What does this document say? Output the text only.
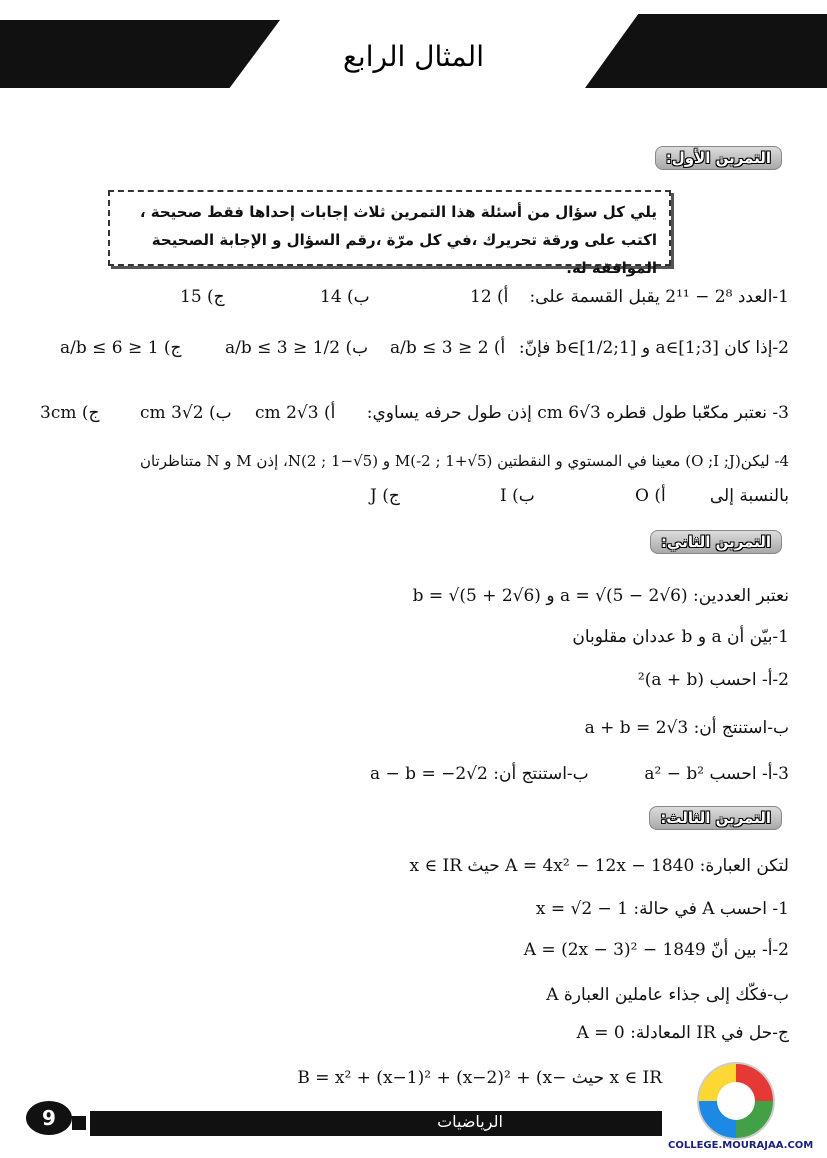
المثال الرابع
التمرين الأول:
يلي كل سؤال من أسئلة هذا التمرين ثلاث إجابات إحداها فقط صحيحة ،
اكتب على ورقة تحريرك ،في كل مرّة ،رقم السؤال و الإجابة الصحيحة الموافقة له.
1-العدد 2⁸ − 2¹¹ يقبل القسمة على:
أ) 12
ب) 14
ج) 15
2-إذا كان a∈[1;3] و b∈[1/2;1] فإنّ:
أ) 2 ≤ a/b ≤ 3
ب) 1/2 ≤ a/b ≤ 3
ج) 1 ≤ a/b ≤ 6
3- نعتبر مكعّبا طول قطره 3√6 cm إذن طول حرفه يساوي:
أ) 3√2 cm
ب) 2√3 cm
ج) 3cm
4- ليكن(O ;I ;J) معينا في المستوي و النقطتين M(-2 ; 1+√5) و N(2 ; 1−√5)، إذن M و N متناظرتان
بالنسبة إلى
أ) O
ب) I
ج) J
التمرين الثاني:
نعتبر العددين: a = √(5 − 2√6) و b = √(5 + 2√6)
1-بيّن أن a و b عددان مقلوبان
2-أ- احسب (a + b)²
ب-استنتج أن: a + b = 2√3
3-أ- احسب a² − b²
ب-استنتج أن: a − b = −2√2
التمرين الثالث:
لتكن العبارة: A = 4x² − 12x − 1840 حيث x ∈ IR
1- احسب A في حالة: x = √2 − 1
2-أ- بين أنّ A = (2x − 3)² − 1849
ب-فكّك إلى جذاء عاملين العبارة A
ج-حل في IR المعادلة: A = 0
B = x² + (x−1)² + (x−2)² + (x− حيث x ∈ IR
9	الرياضيات
COLLEGE.MOURAJAA.COM
